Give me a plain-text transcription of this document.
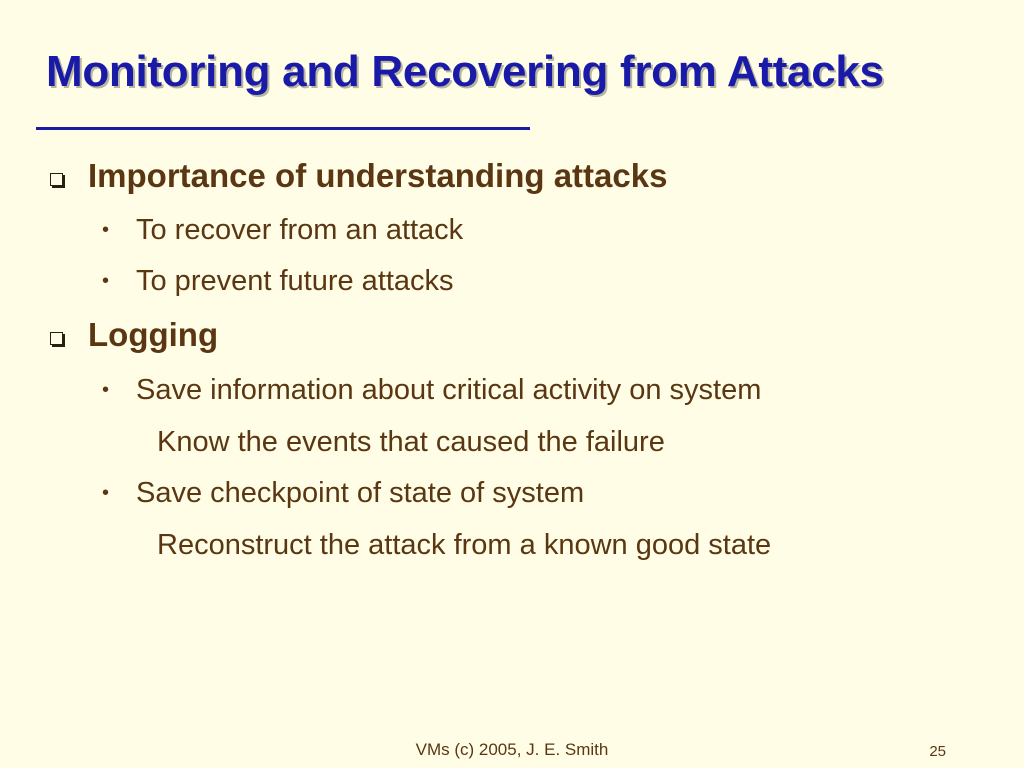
Monitoring and Recovering from Attacks
Importance of understanding attacks
• To recover from an attack
• To prevent future attacks
Logging
• Save information about critical activity on system
Know the events that caused the failure
• Save checkpoint of state of system
Reconstruct the attack from a known good state
VMs (c) 2005, J. E. Smith	25
